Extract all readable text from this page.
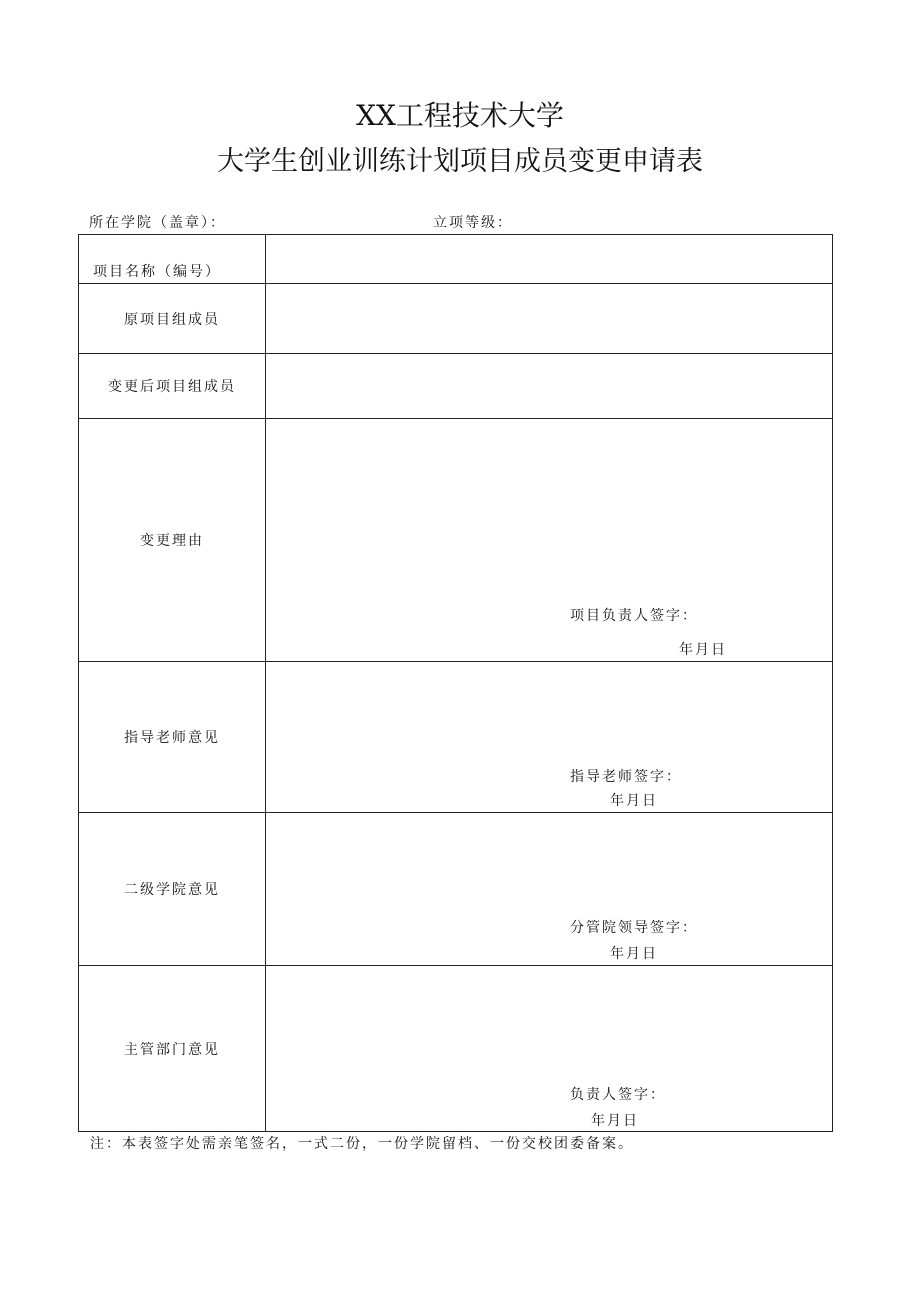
XX工程技术大学
大学生创业训练计划项目成员变更申请表
所在学院（盖章）：	立项等级：
项目名称（编号）	
原项目组成员	
变更后项目组成员	
变更理由	项目负责人签字：
年月日

指导老师意见	指导老师签字：
年月日

二级学院意见	分管院领导签字：
年月日

主管部门意见	负责人签字：
年月日
注：本表签字处需亲笔签名，一式二份，一份学院留档、一份交校团委备案。
